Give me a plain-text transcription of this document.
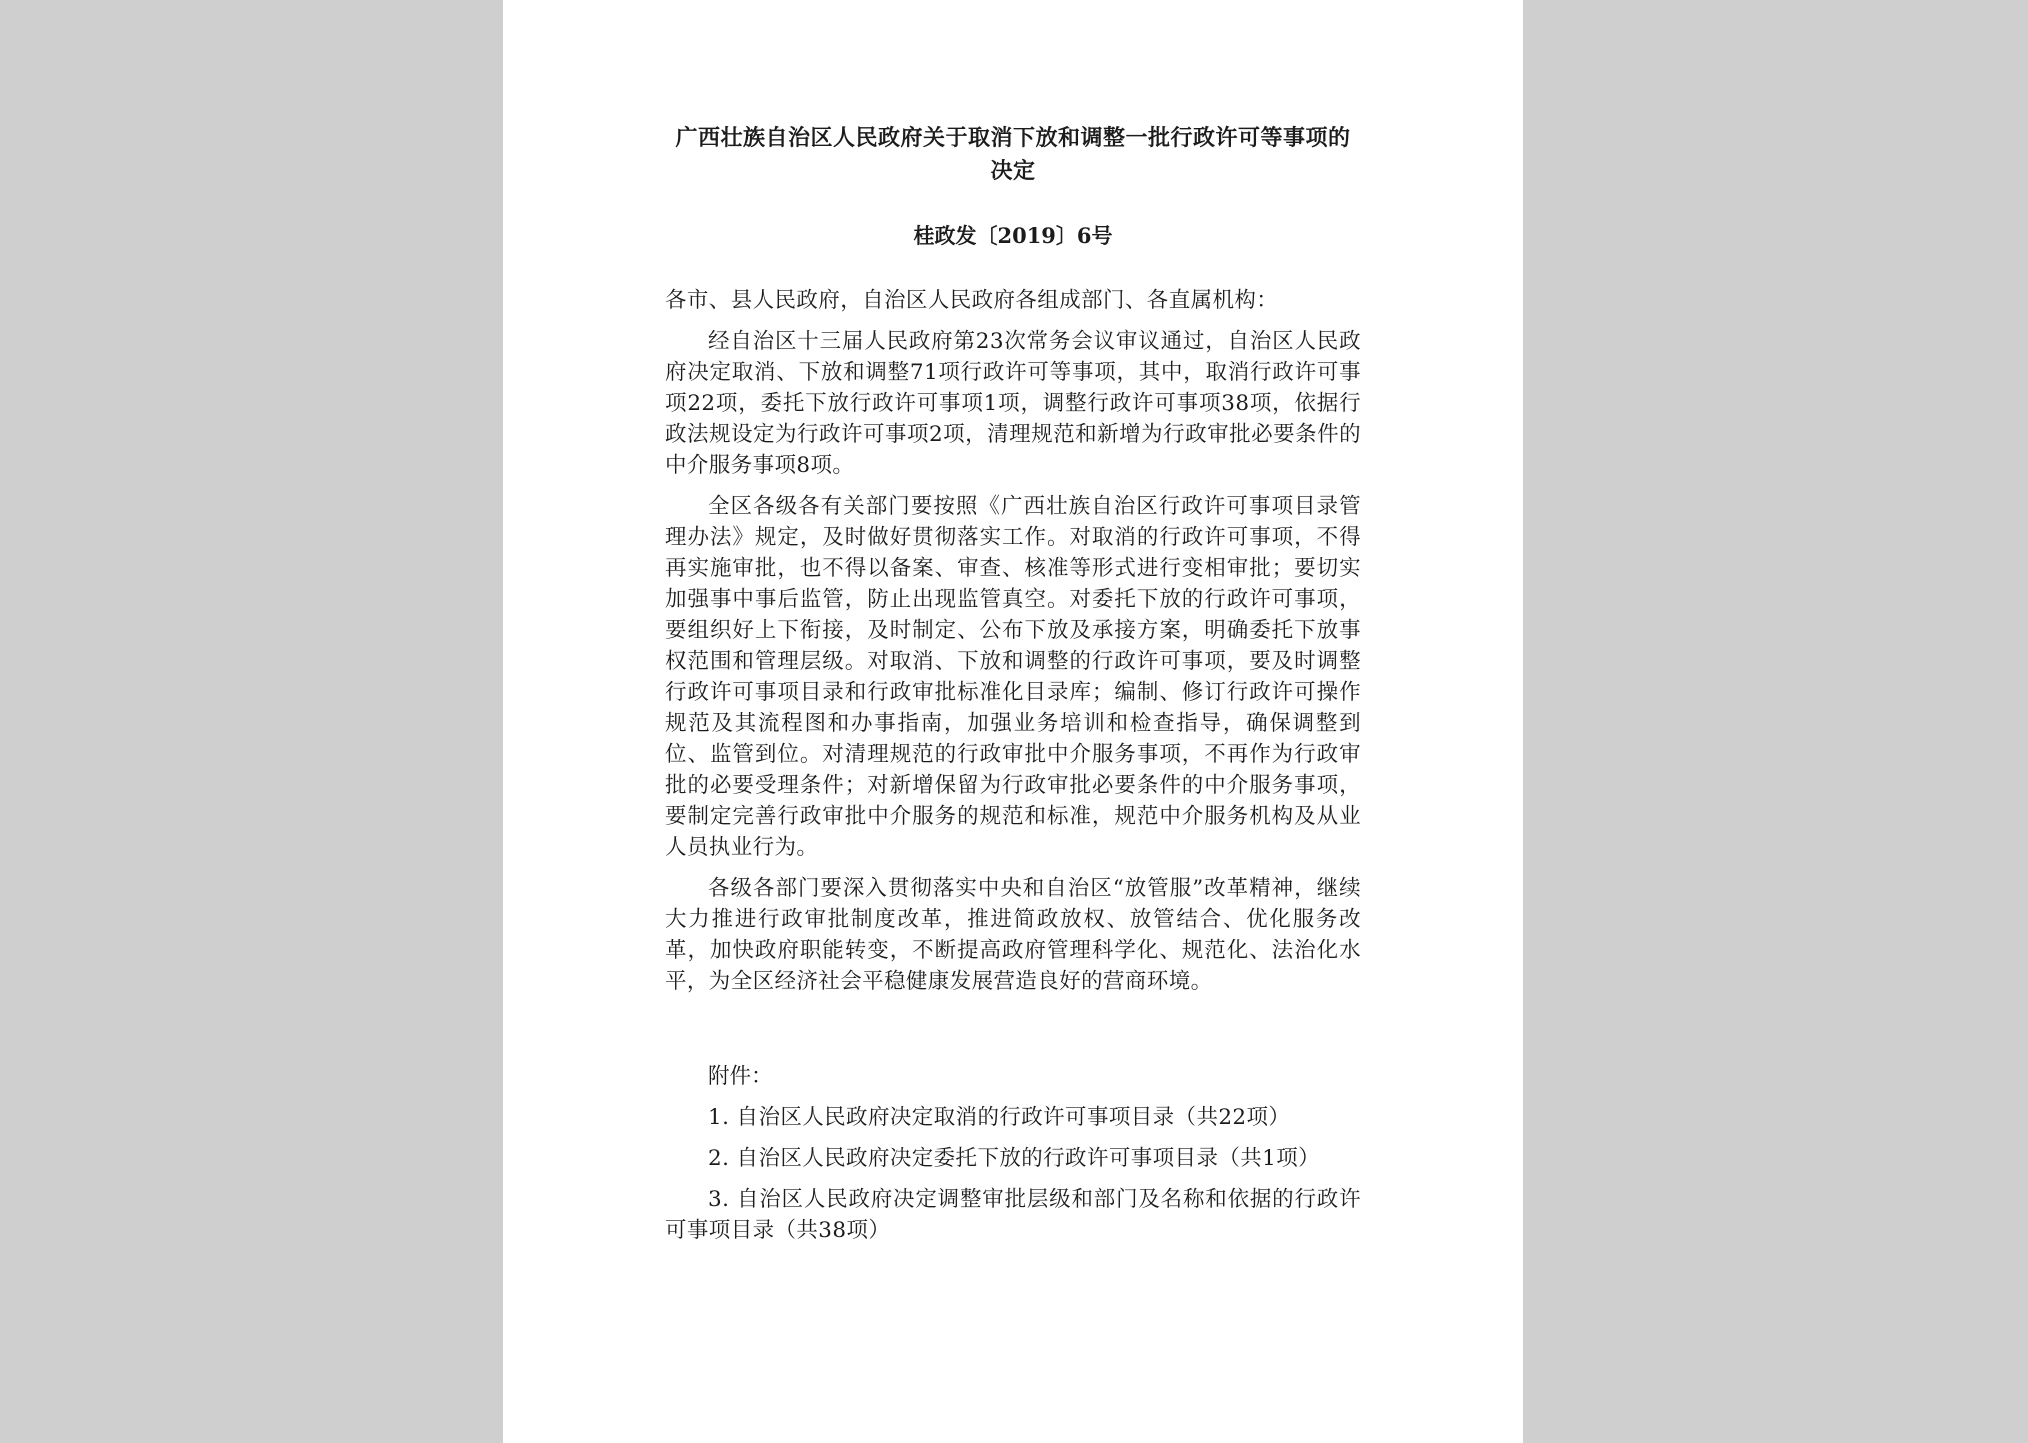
广西壮族自治区人民政府关于取消下放和调整一批行政许可等事项的决定

桂政发〔2019〕6号

各市、县人民政府，自治区人民政府各组成部门、各直属机构：

经自治区十三届人民政府第23次常务会议审议通过，自治区人民政府决定取消、下放和调整71项行政许可等事项，其中，取消行政许可事项22项，委托下放行政许可事项1项，调整行政许可事项38项，依据行政法规设定为行政许可事项2项，清理规范和新增为行政审批必要条件的中介服务事项8项。

全区各级各有关部门要按照《广西壮族自治区行政许可事项目录管理办法》规定，及时做好贯彻落实工作。对取消的行政许可事项，不得再实施审批，也不得以备案、审查、核准等形式进行变相审批；要切实加强事中事后监管，防止出现监管真空。对委托下放的行政许可事项，要组织好上下衔接，及时制定、公布下放及承接方案，明确委托下放事权范围和管理层级。对取消、下放和调整的行政许可事项，要及时调整行政许可事项目录和行政审批标准化目录库；编制、修订行政许可操作规范及其流程图和办事指南，加强业务培训和检查指导，确保调整到位、监管到位。对清理规范的行政审批中介服务事项，不再作为行政审批的必要受理条件；对新增保留为行政审批必要条件的中介服务事项，要制定完善行政审批中介服务的规范和标准，规范中介服务机构及从业人员执业行为。

各级各部门要深入贯彻落实中央和自治区“放管服”改革精神，继续大力推进行政审批制度改革，推进简政放权、放管结合、优化服务改革，加快政府职能转变，不断提高政府管理科学化、规范化、法治化水平，为全区经济社会平稳健康发展营造良好的营商环境。

附件：

1. 自治区人民政府决定取消的行政许可事项目录（共22项）

2. 自治区人民政府决定委托下放的行政许可事项目录（共1项）

3. 自治区人民政府决定调整审批层级和部门及名称和依据的行政许可事项目录（共38项）
